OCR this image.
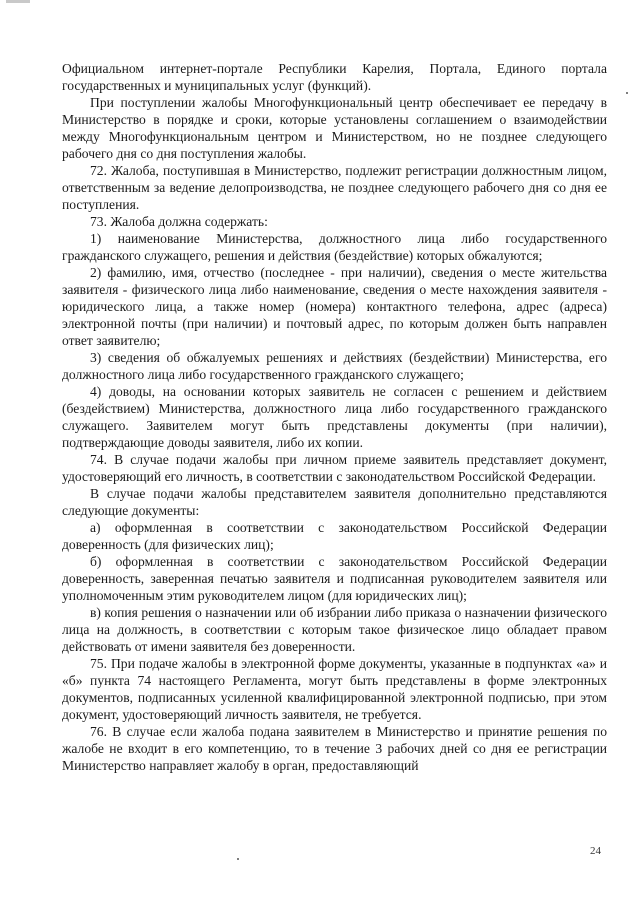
Официальном интернет-портале Республики Карелия, Портала, Единого портала государственных и муниципальных услуг (функций).

При поступлении жалобы Многофункциональный центр обеспечивает ее передачу в Министерство в порядке и сроки, которые установлены соглашением о взаимодействии между Многофункциональным центром и Министерством, но не позднее следующего рабочего дня со дня поступления жалобы.

72. Жалоба, поступившая в Министерство, подлежит регистрации должностным лицом, ответственным за ведение делопроизводства, не позднее следующего рабочего дня со дня ее поступления.

73. Жалоба должна содержать:

1) наименование Министерства, должностного лица либо государственного гражданского служащего, решения и действия (бездействие) которых обжалуются;

2) фамилию, имя, отчество (последнее - при наличии), сведения о месте жительства заявителя - физического лица либо наименование, сведения о месте нахождения заявителя - юридического лица, а также номер (номера) контактного телефона, адрес (адреса) электронной почты (при наличии) и почтовый адрес, по которым должен быть направлен ответ заявителю;

3) сведения об обжалуемых решениях и действиях (бездействии) Министерства, его должностного лица либо государственного гражданского служащего;

4) доводы, на основании которых заявитель не согласен с решением и действием (бездействием) Министерства, должностного лица либо государственного гражданского служащего. Заявителем могут быть представлены документы (при наличии), подтверждающие доводы заявителя, либо их копии.

74. В случае подачи жалобы при личном приеме заявитель представляет документ, удостоверяющий его личность, в соответствии с законодательством Российской Федерации.

В случае подачи жалобы представителем заявителя дополнительно представляются следующие документы:

а) оформленная в соответствии с законодательством Российской Федерации доверенность (для физических лиц);

б) оформленная в соответствии с законодательством Российской Федерации доверенность, заверенная печатью заявителя и подписанная руководителем заявителя или уполномоченным этим руководителем лицом (для юридических лиц);

в) копия решения о назначении или об избрании либо приказа о назначении физического лица на должность, в соответствии с которым такое физическое лицо обладает правом действовать от имени заявителя без доверенности.

75. При подаче жалобы в электронной форме документы, указанные в подпунктах «а» и «б» пункта 74 настоящего Регламента, могут быть представлены в форме электронных документов, подписанных усиленной квалифицированной электронной подписью, при этом документ, удостоверяющий личность заявителя, не требуется.

76. В случае если жалоба подана заявителем в Министерство и принятие решения по жалобе не входит в его компетенцию, то в течение 3 рабочих дней со дня ее регистрации Министерство направляет жалобу в орган, предоставляющий

24
